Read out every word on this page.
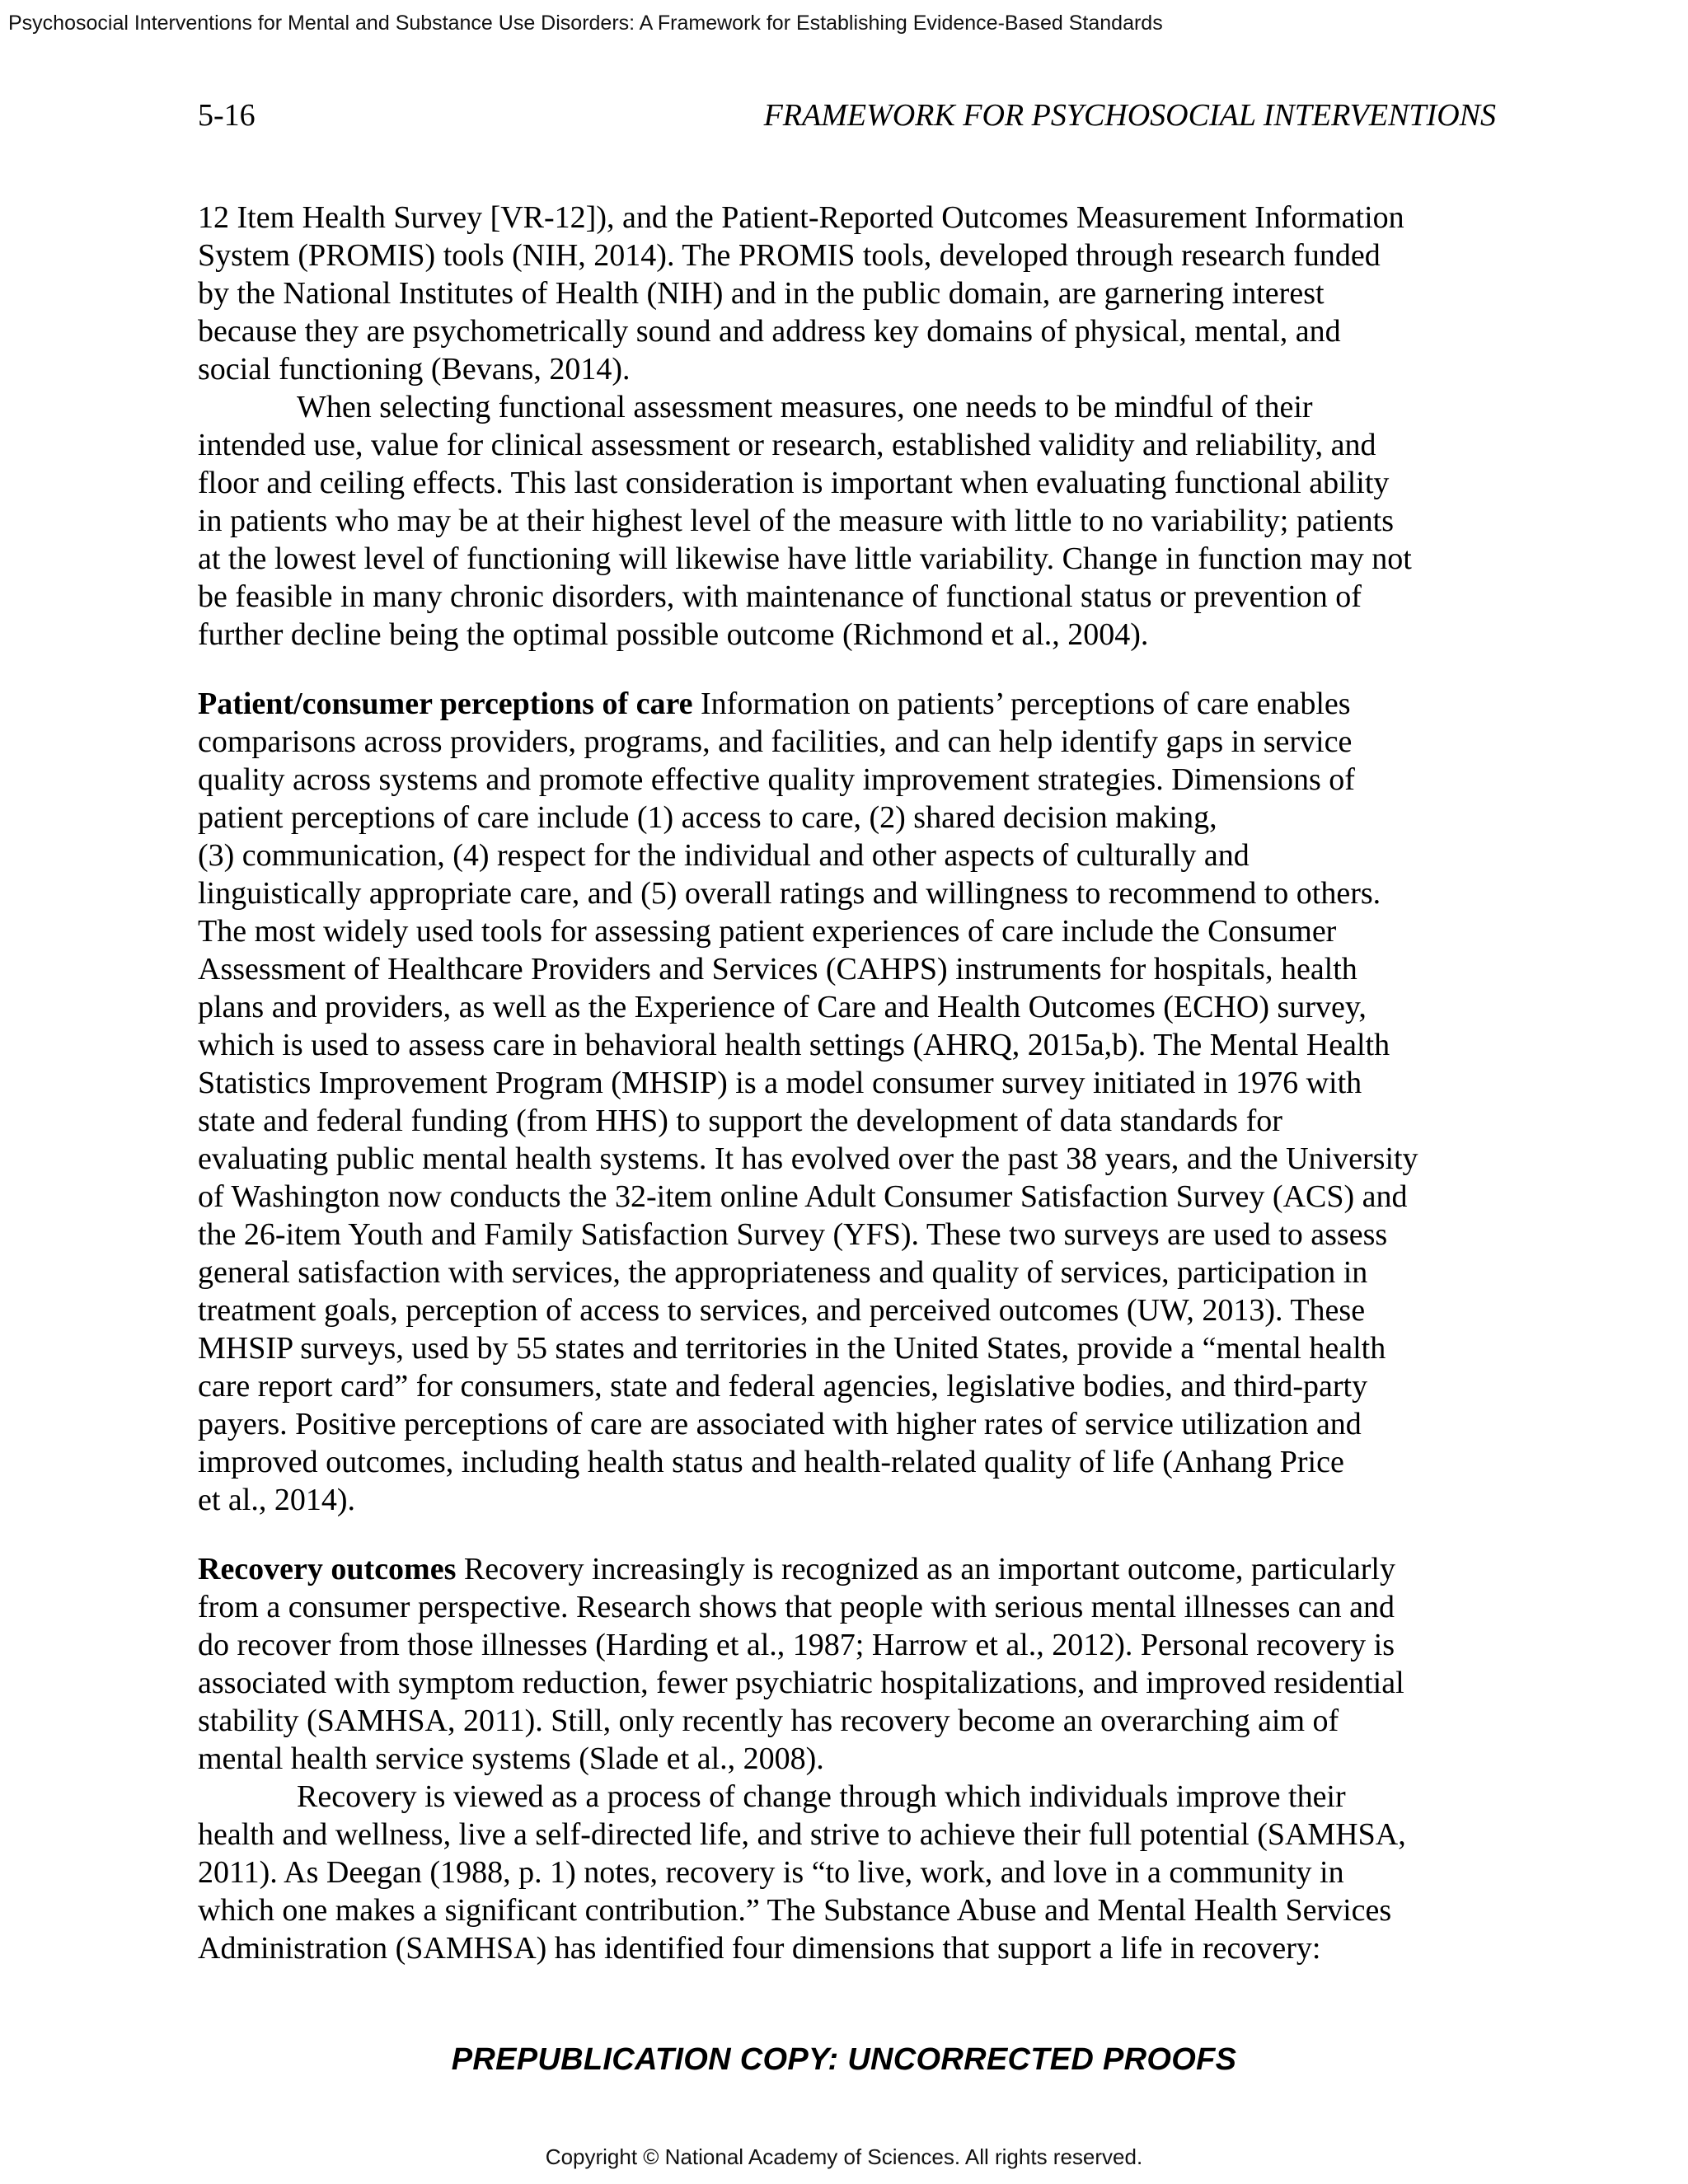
Psychosocial Interventions for Mental and Substance Use Disorders: A Framework for Establishing Evidence-Based Standards
5-16	FRAMEWORK FOR PSYCHOSOCIAL INTERVENTIONS
12 Item Health Survey [VR-12]), and the Patient-Reported Outcomes Measurement Information
System (PROMIS) tools (NIH, 2014). The PROMIS tools, developed through research funded
by the National Institutes of Health (NIH) and in the public domain, are garnering interest
because they are psychometrically sound and address key domains of physical, mental, and
social functioning (Bevans, 2014).
When selecting functional assessment measures, one needs to be mindful of their
intended use, value for clinical assessment or research, established validity and reliability, and
floor and ceiling effects. This last consideration is important when evaluating functional ability
in patients who may be at their highest level of the measure with little to no variability; patients
at the lowest level of functioning will likewise have little variability. Change in function may not
be feasible in many chronic disorders, with maintenance of functional status or prevention of
further decline being the optimal possible outcome (Richmond et al., 2004).
Patient/consumer perceptions of care Information on patients’ perceptions of care enables
comparisons across providers, programs, and facilities, and can help identify gaps in service
quality across systems and promote effective quality improvement strategies. Dimensions of
patient perceptions of care include (1) access to care, (2) shared decision making,
(3) communication, (4) respect for the individual and other aspects of culturally and
linguistically appropriate care, and (5) overall ratings and willingness to recommend to others.
The most widely used tools for assessing patient experiences of care include the Consumer
Assessment of Healthcare Providers and Services (CAHPS) instruments for hospitals, health
plans and providers, as well as the Experience of Care and Health Outcomes (ECHO) survey,
which is used to assess care in behavioral health settings (AHRQ, 2015a,b). The Mental Health
Statistics Improvement Program (MHSIP) is a model consumer survey initiated in 1976 with
state and federal funding (from HHS) to support the development of data standards for
evaluating public mental health systems. It has evolved over the past 38 years, and the University
of Washington now conducts the 32-item online Adult Consumer Satisfaction Survey (ACS) and
the 26-item Youth and Family Satisfaction Survey (YFS). These two surveys are used to assess
general satisfaction with services, the appropriateness and quality of services, participation in
treatment goals, perception of access to services, and perceived outcomes (UW, 2013). These
MHSIP surveys, used by 55 states and territories in the United States, provide a “mental health
care report card” for consumers, state and federal agencies, legislative bodies, and third-party
payers. Positive perceptions of care are associated with higher rates of service utilization and
improved outcomes, including health status and health-related quality of life (Anhang Price
et al., 2014).
Recovery outcomes Recovery increasingly is recognized as an important outcome, particularly
from a consumer perspective. Research shows that people with serious mental illnesses can and
do recover from those illnesses (Harding et al., 1987; Harrow et al., 2012). Personal recovery is
associated with symptom reduction, fewer psychiatric hospitalizations, and improved residential
stability (SAMHSA, 2011). Still, only recently has recovery become an overarching aim of
mental health service systems (Slade et al., 2008).
Recovery is viewed as a process of change through which individuals improve their
health and wellness, live a self-directed life, and strive to achieve their full potential (SAMHSA,
2011). As Deegan (1988, p. 1) notes, recovery is “to live, work, and love in a community in
which one makes a significant contribution.” The Substance Abuse and Mental Health Services
Administration (SAMHSA) has identified four dimensions that support a life in recovery:
PREPUBLICATION COPY: UNCORRECTED PROOFS
Copyright © National Academy of Sciences. All rights reserved.
